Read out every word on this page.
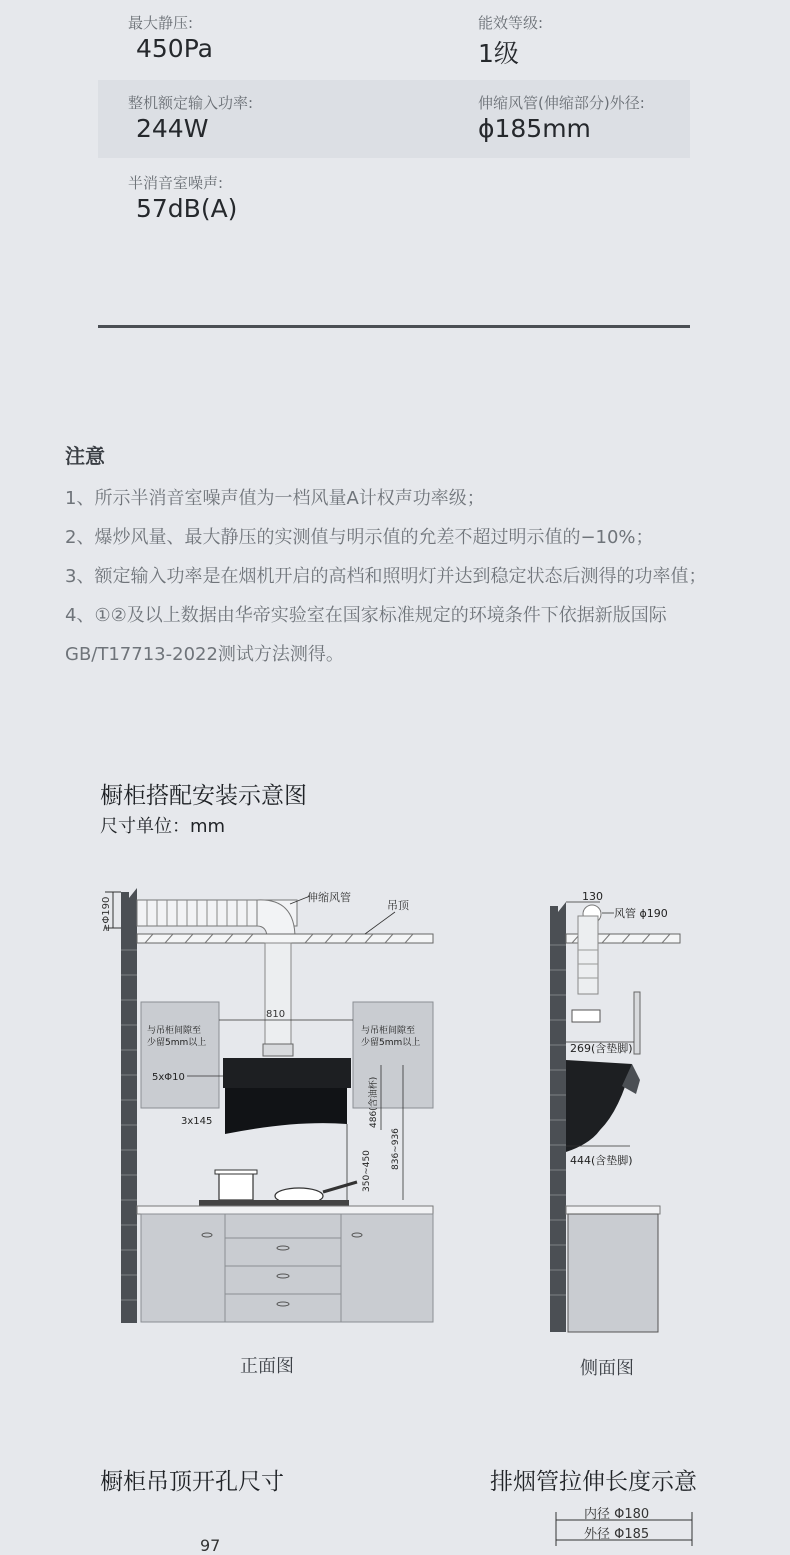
最大静压:
450Pa
能效等级:
1级
整机额定输入功率:
244W
伸缩风管(伸缩部分)外径:
ϕ185mm
半消音室噪声:
57dB(A)
注意
1、所示半消音室噪声值为一档风量A计权声功率级；
2、爆炒风量、最大静压的实测值与明示值的允差不超过明示值的−10%；
3、额定输入功率是在烟机开启的高档和照明灯并达到稳定状态后测得的功率值；
4、①②及以上数据由华帝实验室在国家标准规定的环境条件下依据新版国际
GB/T17713-2022测试方法测得。
橱柜搭配安装示意图
尺寸单位：mm
≥Φ190	伸缩风管
吊顶
810
与吊柜间隙至
少留5mm以上
与吊柜间隙至
少留5mm以上
5xΦ10
3x145	486(含油杯)
836~936
350~450
正面图
130
风管 ϕ190
269(含垫脚)
444(含垫脚)
侧面图
橱柜吊顶开孔尺寸	排烟管拉伸长度示意
97
内径 Φ180
外径 Φ185
